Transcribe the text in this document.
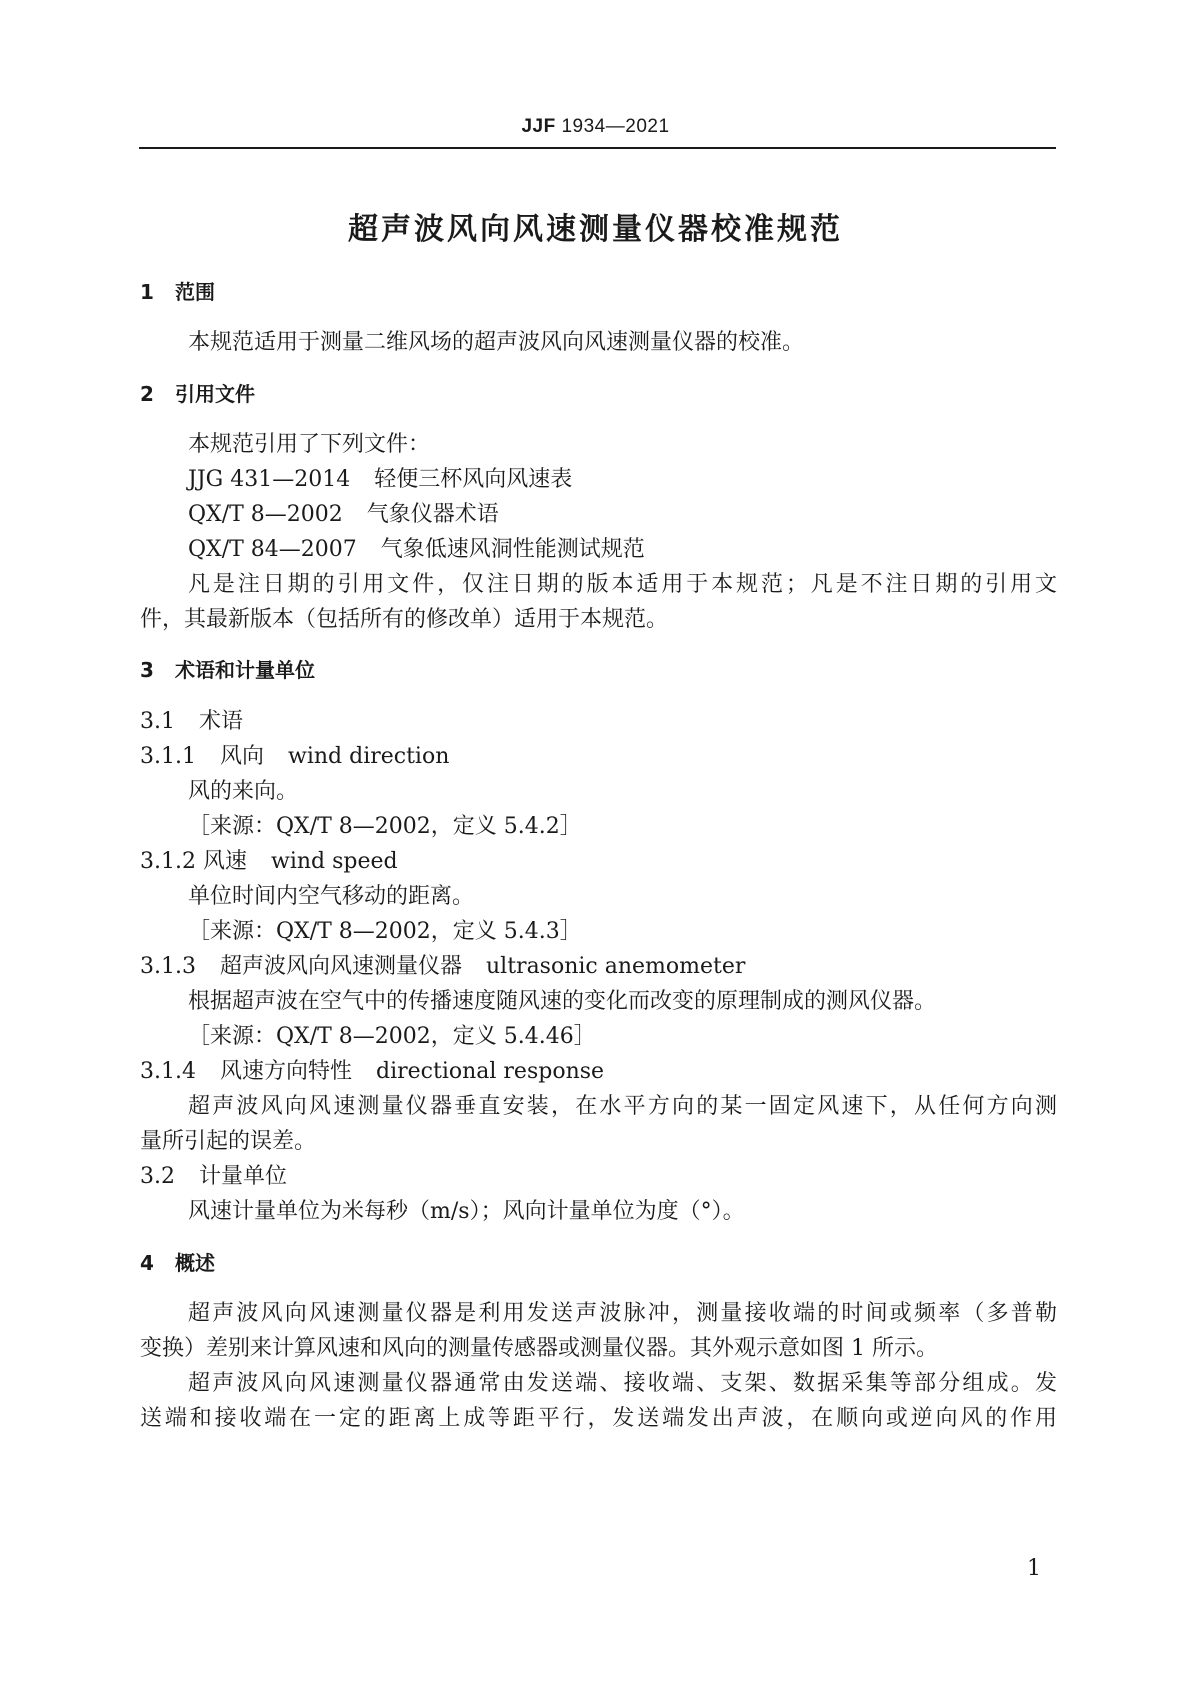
JJF 1934—2021
超声波风向风速测量仪器校准规范
1 范围
本规范适用于测量二维风场的超声波风向风速测量仪器的校准。
2 引用文件
本规范引用了下列文件：
JJG 431—2014 轻便三杯风向风速表
QX/T 8—2002 气象仪器术语
QX/T 84—2007 气象低速风洞性能测试规范
凡是注日期的引用文件，仅注日期的版本适用于本规范；凡是不注日期的引用文
件，其最新版本（包括所有的修改单）适用于本规范。
3 术语和计量单位
3.1 术语
3.1.1 风向 wind direction
风的来向。
［来源：QX/T 8—2002，定义 5.4.2］
3.1.2 风速 wind speed
单位时间内空气移动的距离。
［来源：QX/T 8—2002，定义 5.4.3］
3.1.3 超声波风向风速测量仪器 ultrasonic anemometer
根据超声波在空气中的传播速度随风速的变化而改变的原理制成的测风仪器。
［来源：QX/T 8—2002，定义 5.4.46］
3.1.4 风速方向特性 directional response
超声波风向风速测量仪器垂直安装，在水平方向的某一固定风速下，从任何方向测
量所引起的误差。
3.2 计量单位
风速计量单位为米每秒（m/s）；风向计量单位为度（°）。
4 概述
超声波风向风速测量仪器是利用发送声波脉冲，测量接收端的时间或频率（多普勒
变换）差别来计算风速和风向的测量传感器或测量仪器。其外观示意如图 1 所示。
超声波风向风速测量仪器通常由发送端、接收端、支架、数据采集等部分组成。发
送端和接收端在一定的距离上成等距平行，发送端发出声波，在顺向或逆向风的作用
1
